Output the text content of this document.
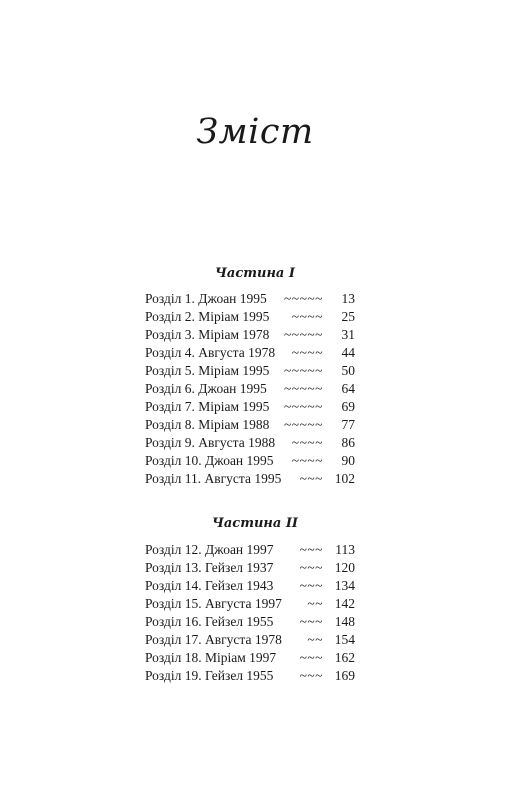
Зміст
Частина І
Розділ 1. Джоан 1995 ~~~~~ 13
Розділ 2. Міріам 1995 ~~~~ 25
Розділ 3. Міріам 1978 ~~~~~ 31
Розділ 4. Августа 1978 ~~~~ 44
Розділ 5. Міріам 1995 ~~~~~ 50
Розділ 6. Джоан 1995 ~~~~~ 64
Розділ 7. Міріам 1995 ~~~~~ 69
Розділ 8. Міріам 1988 ~~~~~ 77
Розділ 9. Августа 1988 ~~~~ 86
Розділ 10. Джоан 1995 ~~~~ 90
Розділ 11. Августа 1995 ~~~ 102
Частина ІІ
Розділ 12. Джоан 1997 ~~~ 113
Розділ 13. Гейзел 1937 ~~~ 120
Розділ 14. Гейзел 1943 ~~~ 134
Розділ 15. Августа 1997 ~~ 142
Розділ 16. Гейзел 1955 ~~~ 148
Розділ 17. Августа 1978 ~~ 154
Розділ 18. Міріам 1997 ~~~ 162
Розділ 19. Гейзел 1955 ~~~ 169
